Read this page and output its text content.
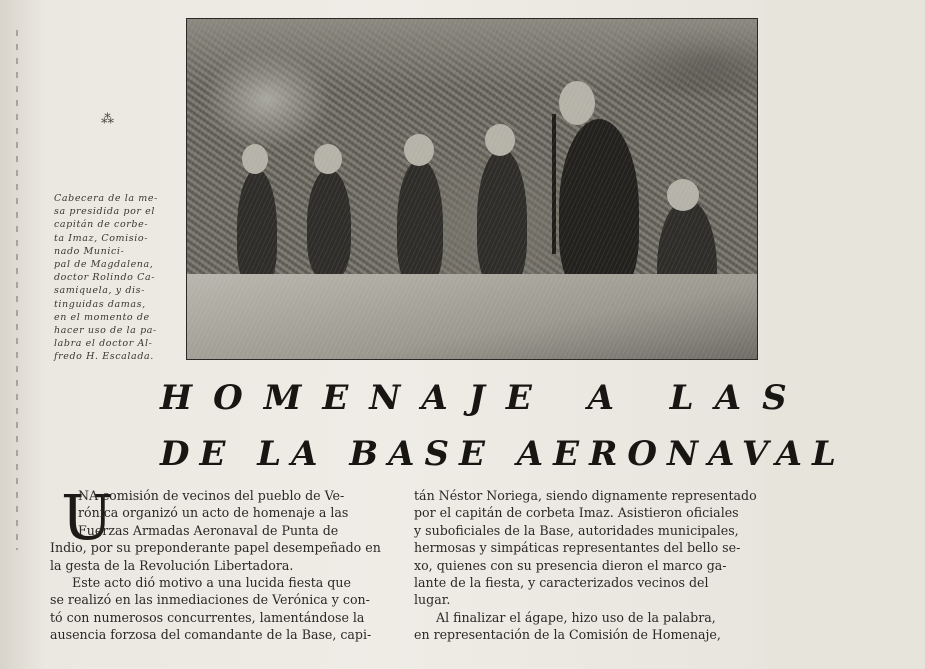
⁂

Cabecera de la me-
sa presidida por el
capitán de corbe-
ta Imaz, Comisio-
nado Munici-
pal de Magdalena,
doctor Rolindo Ca-
samiquela, y dis-
tinguidas damas,
en el momento de
hacer uso de la pa-
labra el doctor Al-
fredo H. Escalada.

HOMENAJE A LAS
DE LA BASE AERONAVAL
U
NA comisión de vecinos del pueblo de Ve-
rónica organizó un acto de homenaje a las
Fuerzas Armadas Aeronaval de Punta de
Indio, por su preponderante papel desempeñado en
la gesta de la Revolución Libertadora.
Este acto dió motivo a una lucida fiesta que
se realizó en las inmediaciones de Verónica y con-
tó con numerosos concurrentes, lamentándose la
ausencia forzosa del comandante de la Base, capi-
tán Néstor Noriega, siendo dignamente representado
por el capitán de corbeta Imaz. Asistieron oficiales
y suboficiales de la Base, autoridades municipales,
hermosas y simpáticas representantes del bello se-
xo, quienes con su presencia dieron el marco ga-
lante de la fiesta, y caracterizados vecinos del
lugar.
Al finalizar el ágape, hizo uso de la palabra,
en representación de la Comisión de Homenaje,
